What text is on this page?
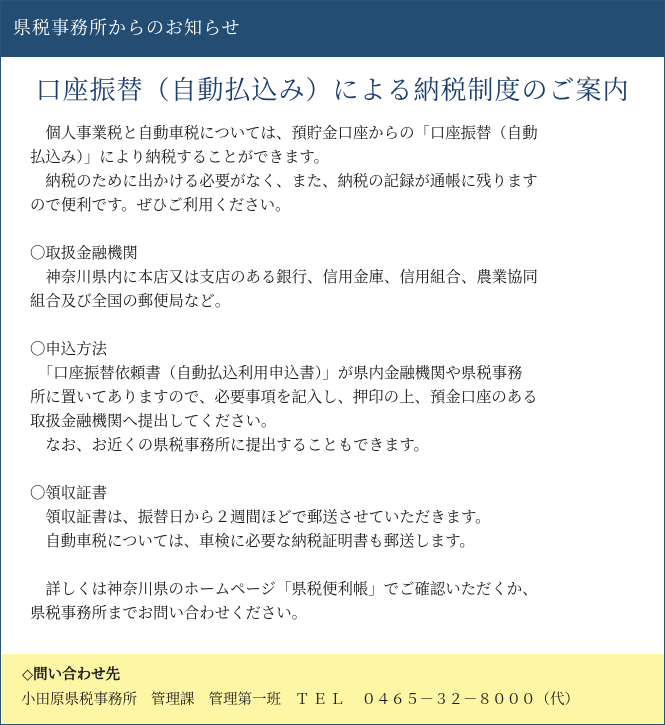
県税事務所からのお知らせ
口座振替（自動払込み）による納税制度のご案内
　個人事業税と自動車税については、預貯金口座からの「口座振替（自動
払込み）」により納税することができます。
　納税のために出かける必要がなく、また、納税の記録が通帳に残ります
ので便利です。ぜひご利用ください。
〇取扱金融機関
　神奈川県内に本店又は支店のある銀行、信用金庫、信用組合、農業協同
組合及び全国の郵便局など。
〇申込方法
　「口座振替依頼書（自動払込利用申込書）」が県内金融機関や県税事務
所に置いてありますので、必要事項を記入し、押印の上、預金口座のある
取扱金融機関へ提出してください。
　なお、お近くの県税事務所に提出することもできます。
〇領収証書
　領収証書は、振替日から２週間ほどで郵送させていただきます。
　自動車税については、車検に必要な納税証明書も郵送します。
　詳しくは神奈川県のホームページ「県税便利帳」でご確認いただくか、
県税事務所までお問い合わせください。
◇問い合わせ先
小田原県税事務所 管理課 管理第一班 ＴＥＬ ０４６５－３２－８０００（代）
